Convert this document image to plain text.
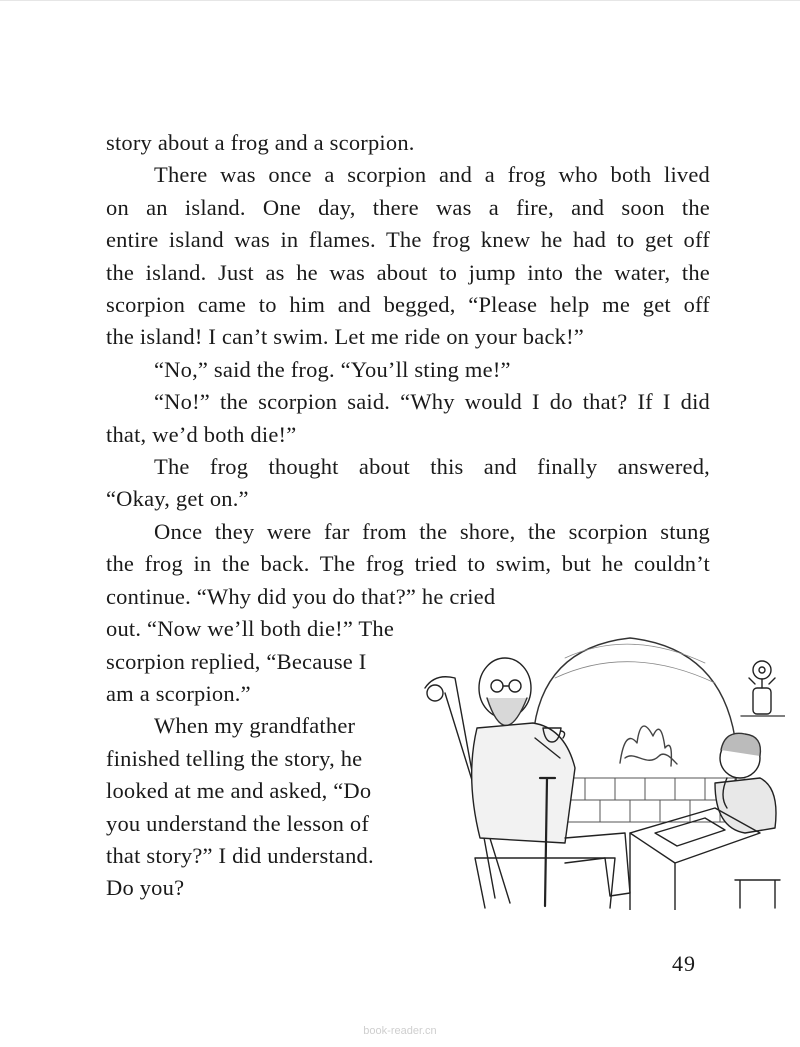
story about a frog and a scorpion.
There was once a scorpion and a frog who both lived
on an island. One day, there was a fire, and soon the
entire island was in flames. The frog knew he had to get off
the island. Just as he was about to jump into the water, the
scorpion came to him and begged, “Please help me get off
the island! I can’t swim. Let me ride on your back!”
“No,” said the frog. “You’ll sting me!”
“No!” the scorpion said. “Why would I do that? If I did
that, we’d both die!”
The frog thought about this and finally answered,
“Okay, get on.”
Once they were far from the shore, the scorpion stung
the frog in the back. The frog tried to swim, but he couldn’t
continue. “Why did you do that?” he cried
out. “Now we’ll both die!” The
scorpion replied, “Because I
am a scorpion.”
When my grandfather
finished telling the story, he
looked at me and asked, “Do
you understand the lesson of
that story?” I did understand.
Do you?
49
book-reader.cn
